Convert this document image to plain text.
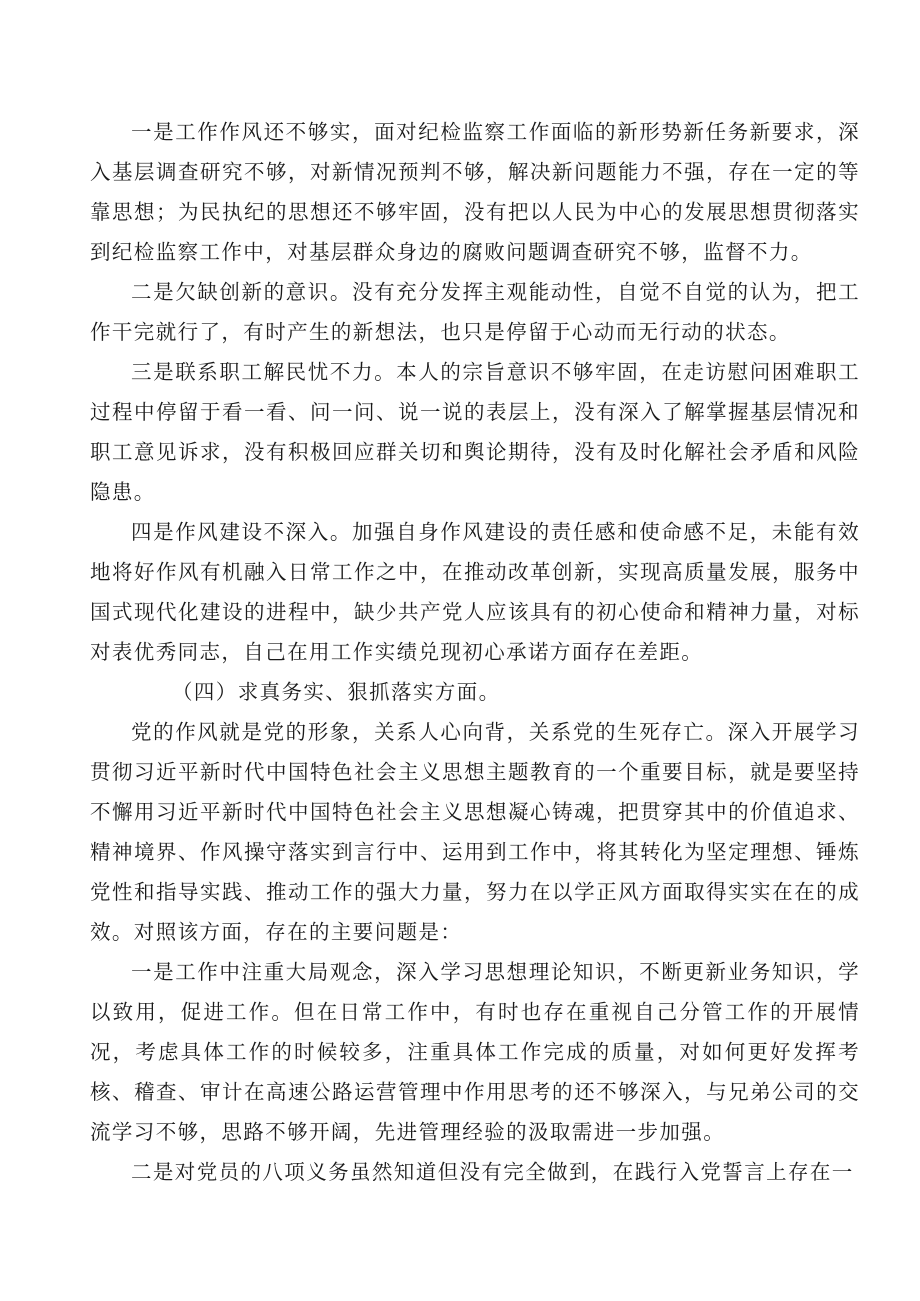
一是工作作风还不够实，面对纪检监察工作面临的新形势新任务新要求，深入基层调查研究不够，对新情况预判不够，解决新问题能力不强，存在一定的等靠思想；为民执纪的思想还不够牢固，没有把以人民为中心的发展思想贯彻落实到纪检监察工作中，对基层群众身边的腐败问题调查研究不够，监督不力。

二是欠缺创新的意识。没有充分发挥主观能动性，自觉不自觉的认为，把工作干完就行了，有时产生的新想法，也只是停留于心动而无行动的状态。

三是联系职工解民忧不力。本人的宗旨意识不够牢固，在走访慰问困难职工过程中停留于看一看、问一问、说一说的表层上，没有深入了解掌握基层情况和职工意见诉求，没有积极回应群关切和舆论期待，没有及时化解社会矛盾和风险隐患。

四是作风建设不深入。加强自身作风建设的责任感和使命感不足，未能有效地将好作风有机融入日常工作之中，在推动改革创新，实现高质量发展，服务中国式现代化建设的进程中，缺少共产党人应该具有的初心使命和精神力量，对标对表优秀同志，自己在用工作实绩兑现初心承诺方面存在差距。

（四）求真务实、狠抓落实方面。

党的作风就是党的形象，关系人心向背，关系党的生死存亡。深入开展学习贯彻习近平新时代中国特色社会主义思想主题教育的一个重要目标，就是要坚持不懈用习近平新时代中国特色社会主义思想凝心铸魂，把贯穿其中的价值追求、精神境界、作风操守落实到言行中、运用到工作中，将其转化为坚定理想、锤炼党性和指导实践、推动工作的强大力量，努力在以学正风方面取得实实在在的成效。对照该方面，存在的主要问题是：

一是工作中注重大局观念，深入学习思想理论知识，不断更新业务知识，学以致用，促进工作。但在日常工作中，有时也存在重视自己分管工作的开展情况，考虑具体工作的时候较多，注重具体工作完成的质量，对如何更好发挥考核、稽查、审计在高速公路运营管理中作用思考的还不够深入，与兄弟公司的交流学习不够，思路不够开阔，先进管理经验的汲取需进一步加强。

二是对党员的八项义务虽然知道但没有完全做到，在践行入党誓言上存在一
